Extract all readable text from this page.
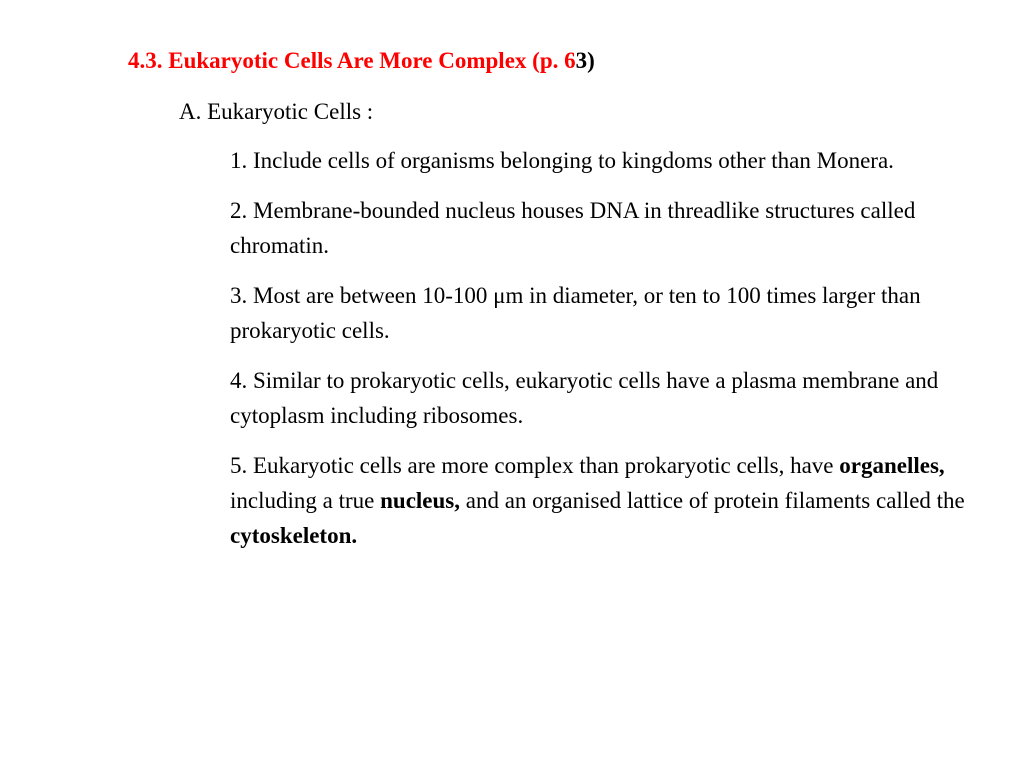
4.3. Eukaryotic Cells Are More Complex (p. 63)
A. Eukaryotic Cells :
1. Include cells of organisms belonging to kingdoms other than Monera.
2. Membrane-bounded nucleus houses DNA in threadlike structures called chromatin.
3. Most are between 10-100 μm in diameter, or ten to 100 times larger than prokaryotic cells.
4. Similar to prokaryotic cells, eukaryotic cells have a plasma membrane and cytoplasm including ribosomes.
5. Eukaryotic cells are more complex than prokaryotic cells, have organelles, including a true nucleus, and an organised lattice of protein filaments called the cytoskeleton.
